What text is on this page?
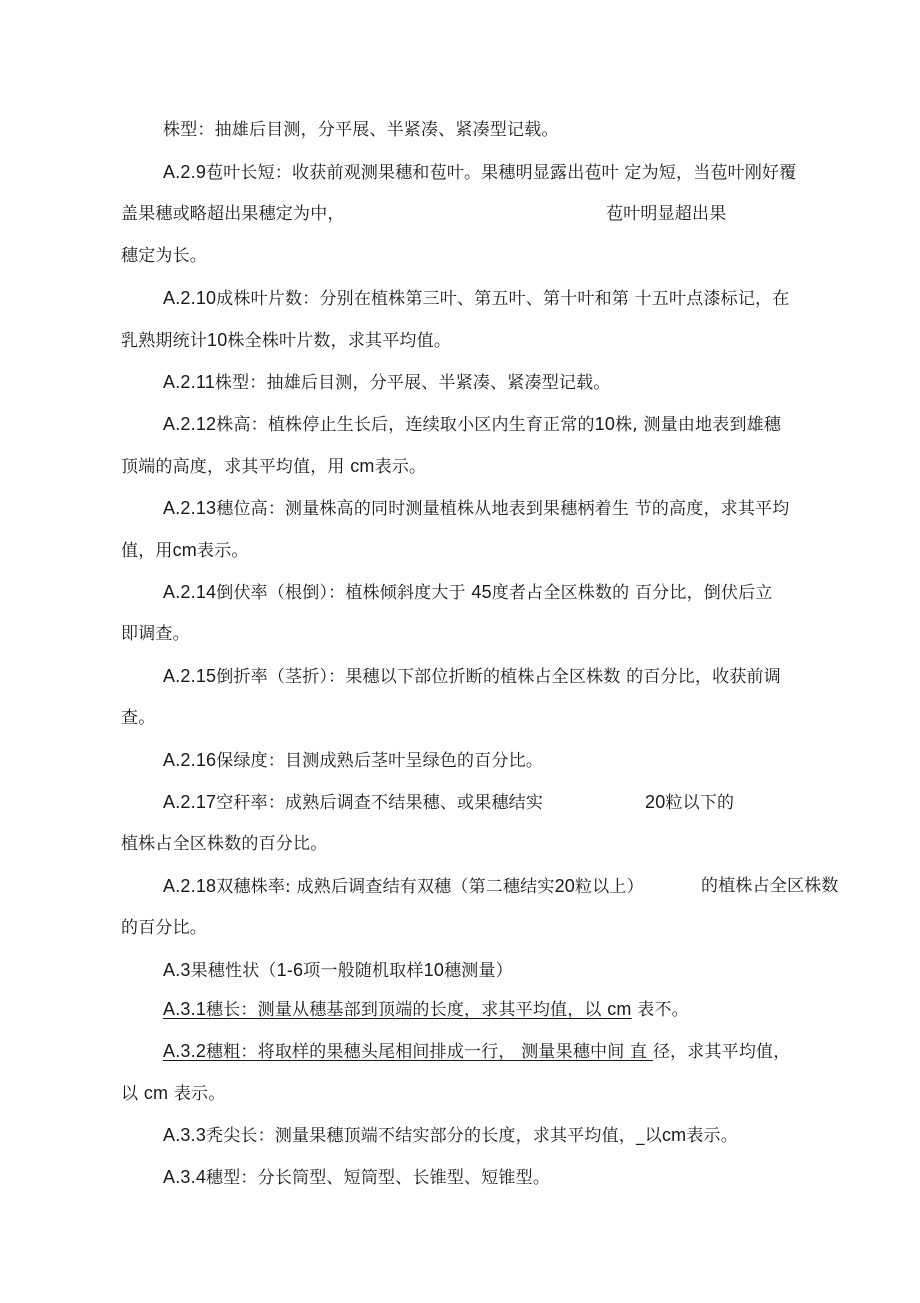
株型：抽雄后目测，分平展、半紧凑、紧凑型记载。
A.2.9苞叶长短：收获前观测果穗和苞叶。果穗明显露出苞叶 定为短，当苞叶刚好覆
盖果穗或略超出果穗定为中，	苞叶明显超出果
穗定为长。
A.2.10成株叶片数：分别在植株第三叶、第五叶、第十叶和第 十五叶点漆标记，在
乳熟期统计10株全株叶片数，求其平均值。
A.2.11株型：抽雄后目测，分平展、半紧凑、紧凑型记载。
A.2.12株高：植株停止生长后，连续取小区内生育正常的10株, 测量由地表到雄穗
顶端的高度，求其平均值，用 cm表示。
A.2.13穗位高：测量株高的同时测量植株从地表到果穗柄着生 节的高度，求其平均
值，用cm表示。
A.2.14倒伏率（根倒）：植株倾斜度大于 45度者占全区株数的 百分比，倒伏后立
即调查。
A.2.15倒折率（茎折）：果穗以下部位折断的植株占全区株数 的百分比，收获前调
查。
A.2.16保绿度：目测成熟后茎叶呈绿色的百分比。
A.2.17空秆率：成熟后调查不结果穗、或果穗结实	20粒以下的
植株占全区株数的百分比。
A.2.18双穗株率: 成熟后调查结有双穗（第二穗结实20粒以上）	的植株占全区株数
的百分比。
A.3果穗性状（1-6项一般随机取样10穗测量）
A.3.1穗长：测量从穗基部到顶端的长度，求其平均值，以 cm 表不。
A.3.2穗粗：将取样的果穗头尾相间排成一行， 测量果穗中间 直 径，求其平均值，
以 cm 表示。
A.3.3秃尖长：测量果穗顶端不结实部分的长度，求其平均值，_以cm表示。
A.3.4穗型：分长筒型、短筒型、长锥型、短锥型。
